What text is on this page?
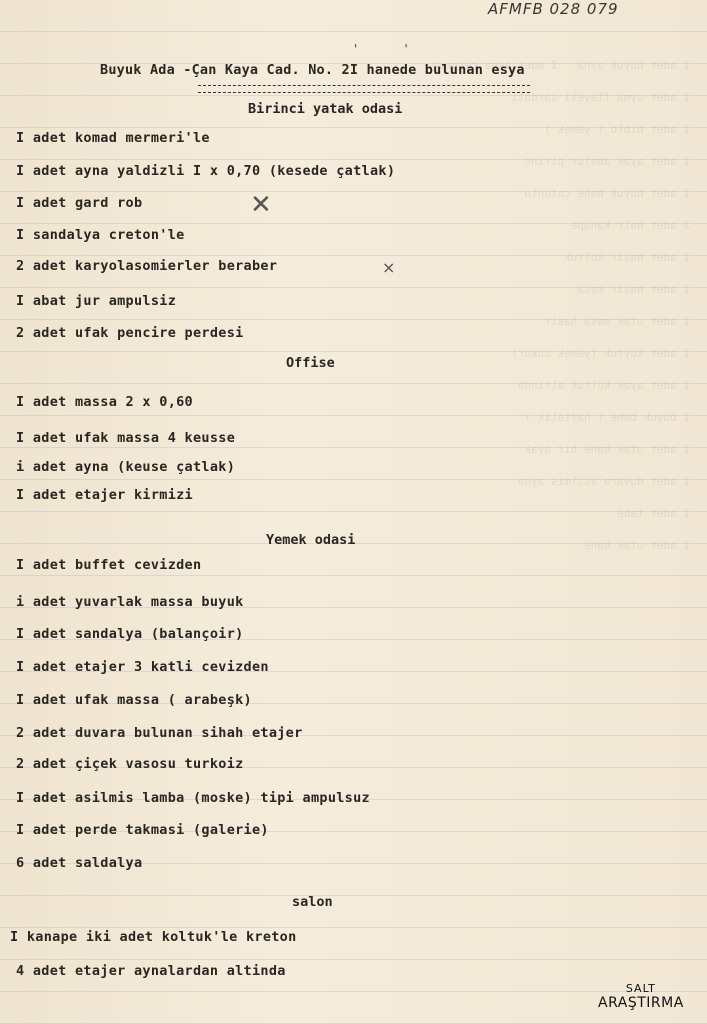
I adet buyuk ayna   I adet ayna cerceve
I adet uyma flaveli sardali
I adet biblo ( yemek )
I adet ayak abajur pirinc
I adet buyuk bahe cotonlu
2 adet halr kanape
I adet hasir koltuk
I adet hasir masa
I adet ufak masa hasir
I adet kuyfuk (yemek cukur)
I adet ayak koltuk altinda
I buyuk bahe ( haftalik )
I adet ufak bahe bir ayak
I adet duvara asilmis ayna
I adet tabe
I adet ufak bahe
AFMFB 028 079
' '
Buyuk Ada -Çan Kaya Cad. No. 2I hanede bulunan esya
Birinci yatak odasi
I adet komad mermeri'le
I adet ayna yaldizli I x 0,70 (kesede çatlak)
I adet gard rob
I sandalya creton'le
2 adet karyolasomierler beraber
I abat jur ampulsiz
2 adet ufak pencire perdesi
✕
×
Offise
I adet massa 2 x 0,60
I adet ufak massa 4 keusse
i adet ayna (keuse çatlak)
I adet etajer kirmizi
Yemek odasi
I adet buffet cevizden
i adet yuvarlak massa buyuk
I adet sandalya (balançoir)
I adet etajer 3 katli cevizden
I adet ufak massa ( arabeşk)
2 adet duvara bulunan sihah etajer
2 adet çiçek vasosu turkoiz
I adet asilmis lamba (moske) tipi ampulsuz
I adet perde takmasi (galerie)
6 adet saldalya
salon
I kanape iki adet koltuk'le kreton
4 adet etajer aynalardan altinda
SALT
ARAŞTIRMA
